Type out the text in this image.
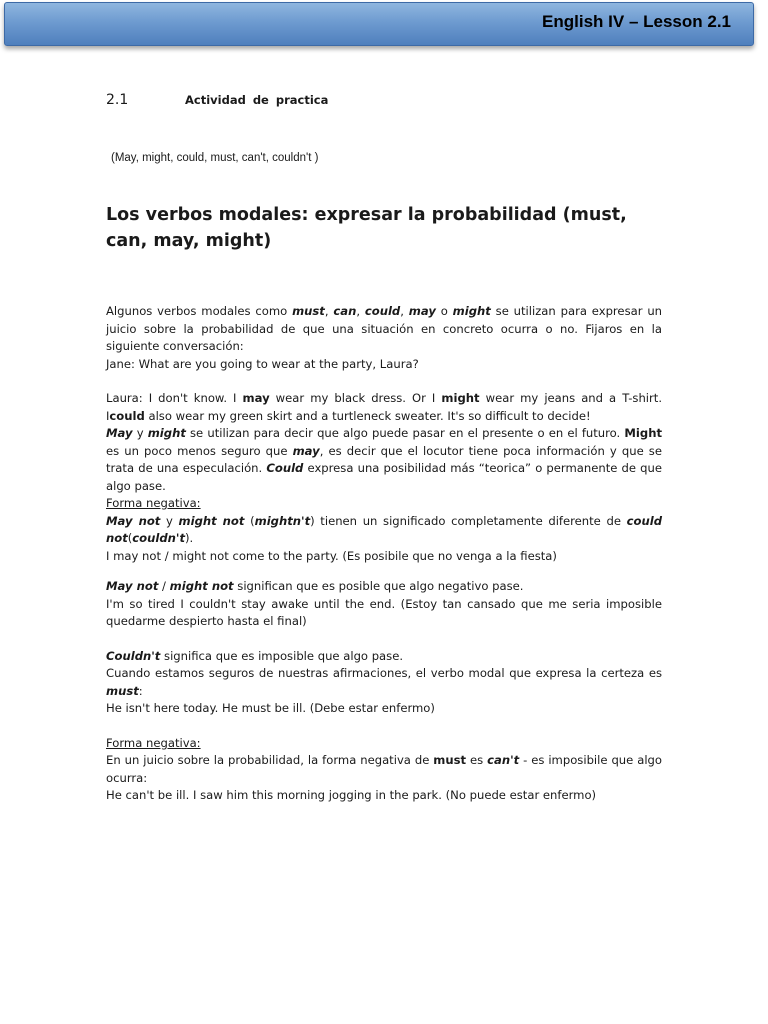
English IV – Lesson 2.1
2.1	Actividad de practica
(May, might, could, must, can't, couldn't )
Los verbos modales: expresar la probabilidad (must, can, may, might)

Algunos verbos modales como must, can, could, may o might se utilizan para expresar un juicio sobre la probabilidad de que una situación en concreto ocurra o no. Fijaros en la siguiente conversación:

Jane: What are you going to wear at the party, Laura?

Laura: I don't know. I may wear my black dress. Or I might wear my jeans and a T-shirt. Icould also wear my green skirt and a turtleneck sweater. It's so difficult to decide!

May y might se utilizan para decir que algo puede pasar en el presente o en el futuro. Might es un poco menos seguro que may, es decir que el locutor tiene poca información y que se trata de una especulación. Could expresa una posibilidad más “teorica” o permanente de que algo pase.

Forma negativa:

May not y might not (mightn't) tienen un significado completamente diferente de could not(couldn't).

I may not / might not come to the party. (Es posibile que no venga a la fiesta)

May not / might not significan que es posible que algo negativo pase.

I'm so tired I couldn't stay awake until the end. (Estoy tan cansado que me seria imposible quedarme despierto hasta el final)

Couldn't significa que es imposible que algo pase.

Cuando estamos seguros de nuestras afirmaciones, el verbo modal que expresa la certeza es must:

He isn't here today. He must be ill. (Debe estar enfermo)

Forma negativa:

En un juicio sobre la probabilidad, la forma negativa de must es can't - es imposibile que algo ocurra:

He can't be ill. I saw him this morning jogging in the park. (No puede estar enfermo)
